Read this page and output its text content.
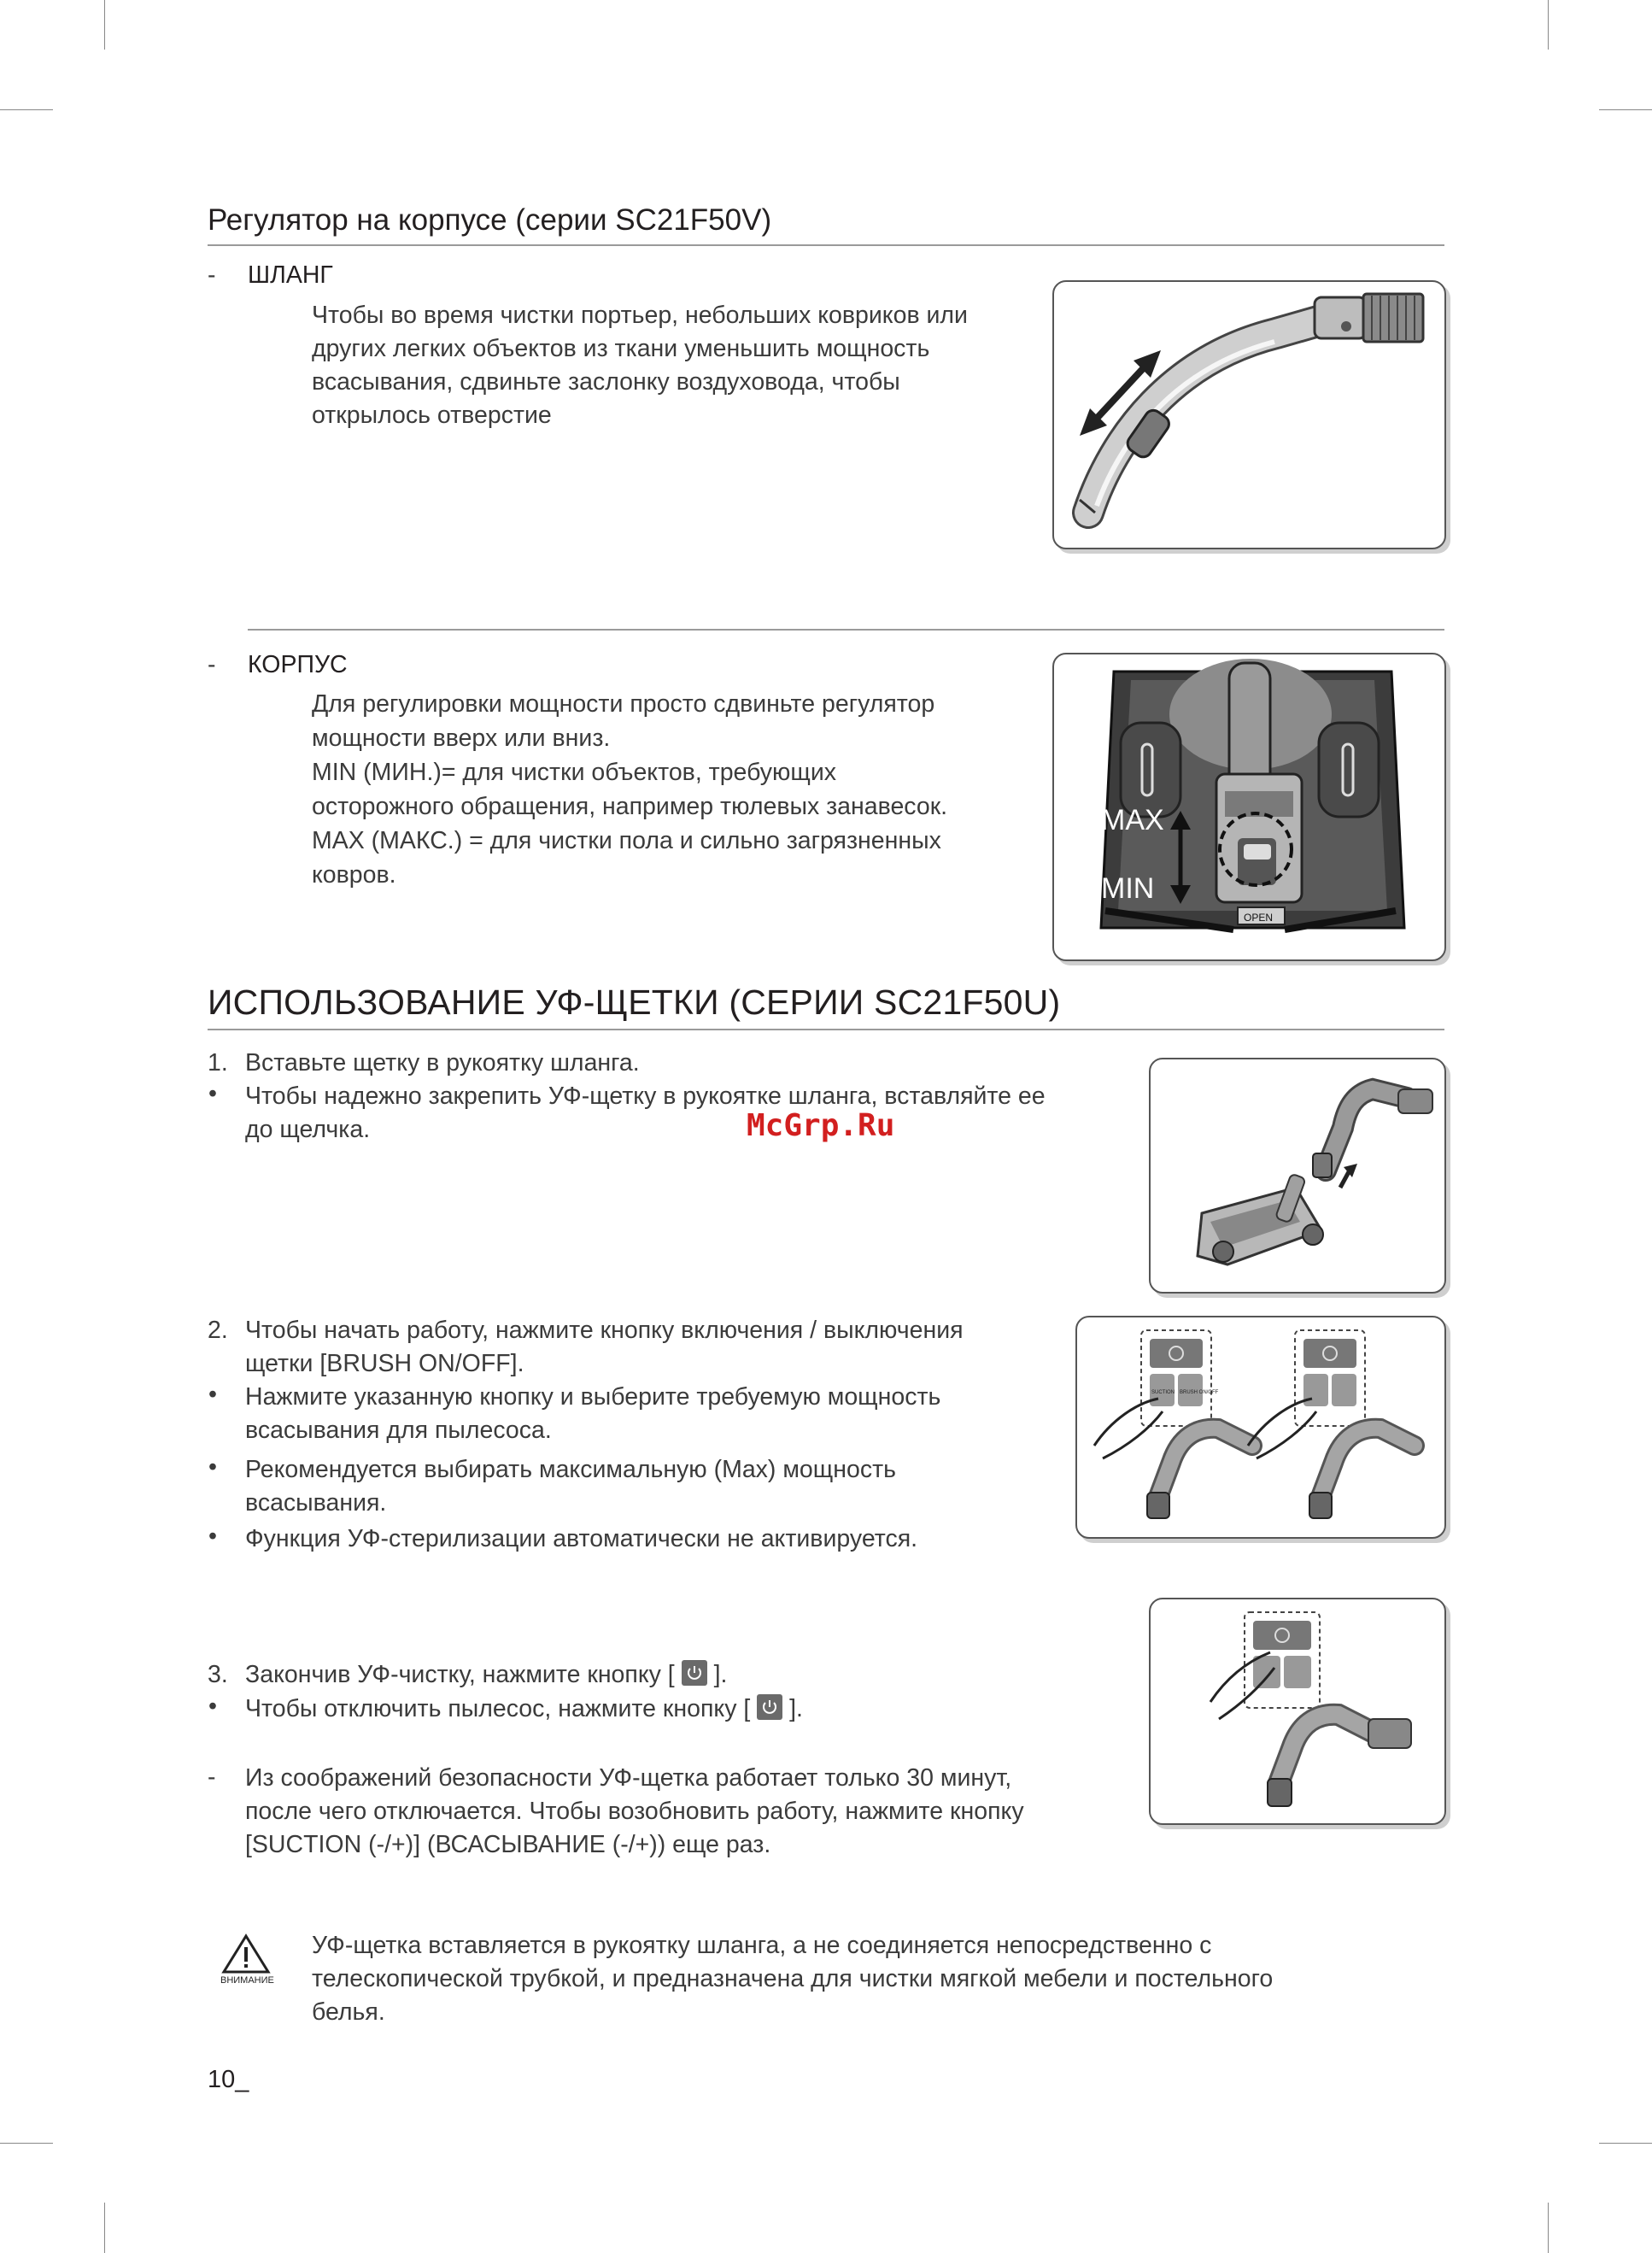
Регулятор на корпусе (серии SC21F50V)
- ШЛАНГ
Чтобы во время чистки портьер, небольших ковриков или
других легких объектов из ткани уменьшить мощность
всасывания, сдвиньте заслонку воздуховода, чтобы
открылось отверстие
- КОРПУС
Для регулировки мощности просто сдвиньте регулятор
мощности вверх или вниз.
MIN (МИН.)= для чистки объектов, требующих
осторожного обращения, например тюлевых занавесок.
MAX (МАКС.) = для чистки пола и сильно загрязненных
ковров.
MAX
MIN
OPEN
ИСПОЛЬЗОВАНИЕ УФ-ЩЕТКИ (СЕРИИ SC21F50U)
1. Вставьте щетку в рукоятку шланга.
• Чтобы надежно закрепить УФ-щетку в рукоятке шланга, вставляйте ее
до щелчка.
2. Чтобы начать работу, нажмите кнопку включения / выключения
щетки [BRUSH ON/OFF].
• Нажмите указанную кнопку и выберите требуемую мощность
всасывания для пылесоса.
• Рекомендуется выбирать максимальную (Max) мощность
всасывания.
• Функция УФ-стерилизации автоматически не активируется.
SUCTION BRUSH ON/OFF
3. Закончив УФ-чистку, нажмите кнопку [ ].
• Чтобы отключить пылесос, нажмите кнопку [ ].
- Из соображений безопасности УФ-щетка работает только 30 минут,
после чего отключается. Чтобы возобновить работу, нажмите кнопку
[SUCTION (-/+)] (ВСАСЫВАНИЕ (-/+)) еще раз.
ВНИМАНИЕ
УФ-щетка вставляется в рукоятку шланга, а не соединяется непосредственно с
телескопической трубкой, и предназначена для чистки мягкой мебели и постельного
белья.
10_
McGrp.Ru
